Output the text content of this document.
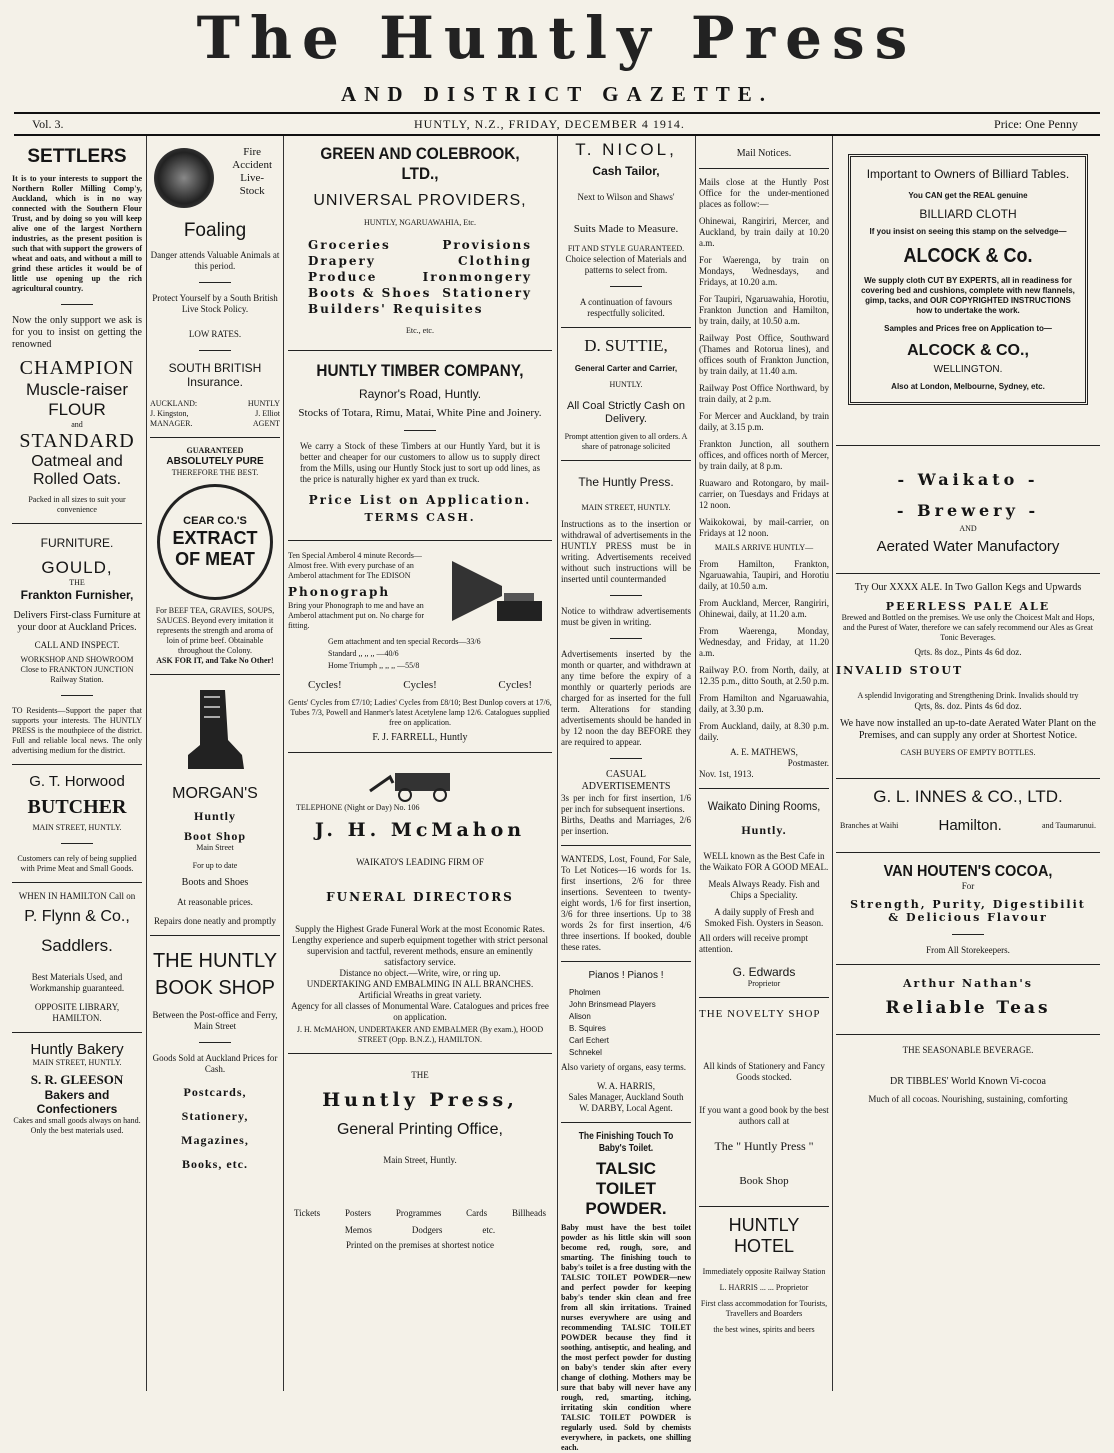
The Huntly Press
AND DISTRICT GAZETTE.
Vol. 3.	HUNTLY, N.Z., FRIDAY, DECEMBER 4 1914.	Price: One Penny
SETTLERS
It is to your interests to support the Northern Roller Milling Comp'y, Auckland, which is in no way connected with the Southern Flour Trust, and by doing so you will keep alive one of the largest Northern industries, as the present position is such that with support the growers of wheat and oats, and without a mill to grind these articles it would be of little use opening up the rich agricultural country.
Now the only support we ask is for you to insist on getting the renowned
CHAMPION
Muscle-raiser
FLOUR
and
STANDARD
Oatmeal and
Rolled Oats.
Packed in all sizes to suit your convenience
FURNITURE.
GOULD,
THE
Frankton Furnisher,
Delivers First-class Furniture at your door at Auckland Prices.
CALL AND INSPECT.
WORKSHOP AND SHOWROOM Close to FRANKTON JUNCTION Railway Station.
TO Residents—Support the paper that supports your interests. The HUNTLY PRESS is the mouthpiece of the district. Full and reliable local news. The only advertising medium for the district.
G. T. Horwood
BUTCHER
MAIN STREET, HUNTLY.
Customers can rely of being supplied with Prime Meat and Small Goods.
WHEN IN HAMILTON Call on
P. Flynn & Co.,
Saddlers.
Best Materials Used, and Workmanship guaranteed.
OPPOSITE LIBRARY, HAMILTON.
Huntly Bakery
MAIN STREET, HUNTLY.
S. R. GLEESON
Bakers and
Confectioners
Cakes and small goods always on hand. Only the best materials used.
Fire
Accident
Live-
Stock
Foaling
Danger attends Valuable Animals at this period.
Protect Yourself by a South British Live Stock Policy.
LOW RATES.
SOUTH BRITISH
Insurance.
AUCKLAND:
J. Kingston,
MANAGER.
HUNTLY
J. Elliot
AGENT
GUARANTEED
ABSOLUTELY PURE
THEREFORE THE BEST.
CEAR CO.'S
EXTRACT
OF MEAT
For BEEF TEA, GRAVIES, SOUPS, SAUCES. Beyond every imitation it represents the strength and aroma of loin of prime beef. Obtainable throughout the Colony.
ASK FOR IT, and Take No Other!
MORGAN'S
Huntly
Boot Shop
Main Street
For up to date
Boots and Shoes
At reasonable prices.
Repairs done neatly and promptly
THE HUNTLY
BOOK SHOP
Between the Post-office and Ferry, Main Street
Goods Sold at Auckland Prices for Cash.
Postcards,
Stationery,
Magazines,
Books, etc.
GREEN AND COLEBROOK, LTD.,
UNIVERSAL PROVIDERS,
HUNTLY, NGARUAWAHIA, Etc.
Groceries	Provisions
Drapery	Clothing
Produce	Ironmongery
Boots & Shoes Stationery
Builders' Requisites
Etc., etc.
HUNTLY TIMBER COMPANY,
Raynor's Road, Huntly.
Stocks of Totara, Rimu, Matai, White Pine and Joinery.
We carry a Stock of these Timbers at our Huntly Yard, but it is better and cheaper for our customers to allow us to supply direct from the Mills, using our Huntly Stock just to sort up odd lines, as the price is naturally higher ex yard than ex truck.
Price List on Application.
TERMS CASH.
Ten Special Amberol 4 minute Records—Almost free. With every purchase of an Amberol attachment for The EDISON
Phonograph
Bring your Phonograph to me and have an Amberol attachment put on. No charge for fitting.
Gem attachment and ten special Records—33/6
Standard ,, ,, ,, —40/6
Home Triumph ,, ,, ,, —55/8
Cycles!	Cycles!	Cycles!
Gents' Cycles from £7/10; Ladies' Cycles from £8/10; Best Dunlop covers at 17/6, Tubes 7/3, Powell and Hanmer's latest Acetylene lamp 12/6. Catalogues supplied free on application.
F. J. FARRELL, Huntly
TELEPHONE (Night or Day) No. 106
J. H. McMahon
WAIKATO'S LEADING FIRM OF
FUNERAL DIRECTORS
Supply the Highest Grade Funeral Work at the most Economic Rates.
Lengthy experience and superb equipment together with strict personal supervision and tactful, reverent methods, ensure an eminently satisfactory service.
Distance no object.—Write, wire, or ring up.
UNDERTAKING AND EMBALMING IN ALL BRANCHES.
Artificial Wreaths in great variety.
Agency for all classes of Monumental Ware. Catalogues and prices free on application.
J. H. McMAHON, UNDERTAKER AND EMBALMER (By exam.), HOOD STREET (Opp. B.N.Z.), HAMILTON.
THE
Huntly Press,
General Printing Office,
Main Street, Huntly.
Tickets	Posters	Programmes	Cards	Billheads
Memos	Dodgers	etc.
Printed on the premises at shortest notice
T. NICOL,
Cash Tailor,
Next to Wilson and Shaws'
Suits Made to Measure.
FIT AND STYLE GUARANTEED.
Choice selection of Materials and patterns to select from.
A continuation of favours respectfully solicited.
D. SUTTIE,
General Carter and Carrier,
HUNTLY.
All Coal Strictly Cash on Delivery.
Prompt attention given to all orders. A share of patronage solicited
The Huntly Press.
MAIN STREET, HUNTLY.
Instructions as to the insertion or withdrawal of advertisements in the HUNTLY PRESS must be in writing. Advertisements received without such instructions will be inserted until countermanded
Notice to withdraw advertisements must be given in writing.
Advertisements inserted by the month or quarter, and withdrawn at any time before the expiry of a monthly or quarterly periods are charged for as inserted for the full term. Alterations for standing advertisements should be handed in by 12 noon the day BEFORE they are required to appear.
CASUAL ADVERTISEMENTS
3s per inch for first insertion, 1/6 per inch for subsequent insertions.
Births, Deaths and Marriages, 2/6 per insertion.
WANTEDS, Lost, Found, For Sale, To Let Notices—16 words for 1s. first insertions, 2/6 for three insertions. Seventeen to twenty-eight words, 1/6 for first insertion, 3/6 for three insertions. Up to 38 words 2s for first insertion, 4/6 three insertions. If booked, double these rates.
Pianos ! Pianos !
Pholmen
John Brinsmead Players
Alison
B. Squires
Carl Echert
Schnekel
Also variety of organs, easy terms.
W. A. HARRIS,
Sales Manager, Auckland South
W. DARBY, Local Agent.
The Finishing Touch To Baby's Toilet.
TALSIC
TOILET
POWDER.
Baby must have the best toilet powder as his little skin will soon become red, rough, sore, and smarting. The finishing touch to baby's toilet is a free dusting with the TALSIC TOILET POWDER—new and perfect powder for keeping baby's tender skin clean and free from all skin irritations. Trained nurses everywhere are using and recommending TALSIC TOILET POWDER because they find it soothing, antiseptic, and healing, and the most perfect powder for dusting on baby's tender skin after every change of clothing. Mothers may be sure that baby will never have any rough, red, smarting, itching, irritating skin condition where TALSIC TOILET POWDER is regularly used. Sold by chemists everywhere, in packets, one shilling each.
Mail Notices.
Mails close at the Huntly Post Office for the under-mentioned places as follow:—
Ohinewai, Rangiriri, Mercer, and Auckland, by train daily at 10.20 a.m.
For Waerenga, by train on Mondays, Wednesdays, and Fridays, at 10.20 a.m.
For Taupiri, Ngaruawahia, Horotiu, Frankton Junction and Hamilton, by train, daily, at 10.50 a.m.
Railway Post Office, Southward (Thames and Rotorua lines), and offices south of Frankton Junction, by train daily, at 11.40 a.m.
Railway Post Office Northward, by train daily, at 2 p.m.
For Mercer and Auckland, by train daily, at 3.15 p.m.
Frankton Junction, all southern offices, and offices north of Mercer, by train daily, at 8 p.m.
Ruawaro and Rotongaro, by mail-carrier, on Tuesdays and Fridays at 12 noon.
Waikokowai, by mail-carrier, on Fridays at 12 noon.
MAILS ARRIVE HUNTLY—
From Hamilton, Frankton, Ngaruawahia, Taupiri, and Horotiu daily, at 10.50 a.m.
From Auckland, Mercer, Rangiriri, Ohinewai, daily, at 11.20 a.m.
From Waerenga, Monday, Wednesday, and Friday, at 11.20 a.m.
Railway P.O. from North, daily, at 12.35 p.m., ditto South, at 2.50 p.m.
From Hamilton and Ngaruawahia, daily, at 3.30 p.m.
From Auckland, daily, at 8.30 p.m. daily.
A. E. MATHEWS,
Postmaster.
Nov. 1st, 1913.
Waikato Dining Rooms,
Huntly.
WELL known as the Best Cafe in the Waikato FOR A GOOD MEAL.
Meals Always Ready. Fish and Chips a Speciality.
A daily supply of Fresh and Smoked Fish. Oysters in Season.
All orders will receive prompt attention.
G. Edwards
Proprietor
THE NOVELTY SHOP
All kinds of Stationery and Fancy Goods stocked.
If you want a good book by the best authors call at
The " Huntly Press "
Book Shop
HUNTLY HOTEL
Immediately opposite Railway Station
L. HARRIS ... ... Proprietor
First class accommodation for Tourists, Travellers and Boarders
the best wines, spirits and beers
Important to Owners of Billiard Tables.
You CAN get the REAL genuine
BILLIARD CLOTH
If you insist on seeing this stamp on the selvedge—
ALCOCK & Co.
We supply cloth CUT BY EXPERTS, all in readiness for covering bed and cushions, complete with new flannels, gimp, tacks, and OUR COPYRIGHTED INSTRUCTIONS how to undertake the work.
Samples and Prices free on Application to—
ALCOCK & CO.,
WELLINGTON.
Also at London, Melbourne, Sydney, etc.
- Waikato -
- Brewery -
AND
Aerated Water Manufactory
Try Our XXXX ALE. In Two Gallon Kegs and Upwards
PEERLESS PALE ALE
Brewed and Bottled on the premises. We use only the Choicest Malt and Hops, and the Purest of Water, therefore we can safely recommend our Ales as Great Tonic Beverages.
Qrts. 8s doz., Pints 4s 6d doz.
INVALID STOUT
A splendid Invigorating and Strengthening Drink. Invalids should try
Qrts, 8s. doz. Pints 4s 6d doz.
We have now installed an up-to-date Aerated Water Plant on the Premises, and can supply any order at Shortest Notice.
CASH BUYERS OF EMPTY BOTTLES.
G. L. INNES & CO., LTD.
Branches at Waihi	Hamilton.	and Taumarunui.
VAN HOUTEN'S COCOA,
For
Strength, Purity, Digestibilit
& Delicious Flavour
From All Storekeepers.
Arthur Nathan's
Reliable Teas
THE SEASONABLE BEVERAGE.
DR TIBBLES' World Known Vi-cocoa
Much of all cocoas. Nourishing, sustaining, comforting
